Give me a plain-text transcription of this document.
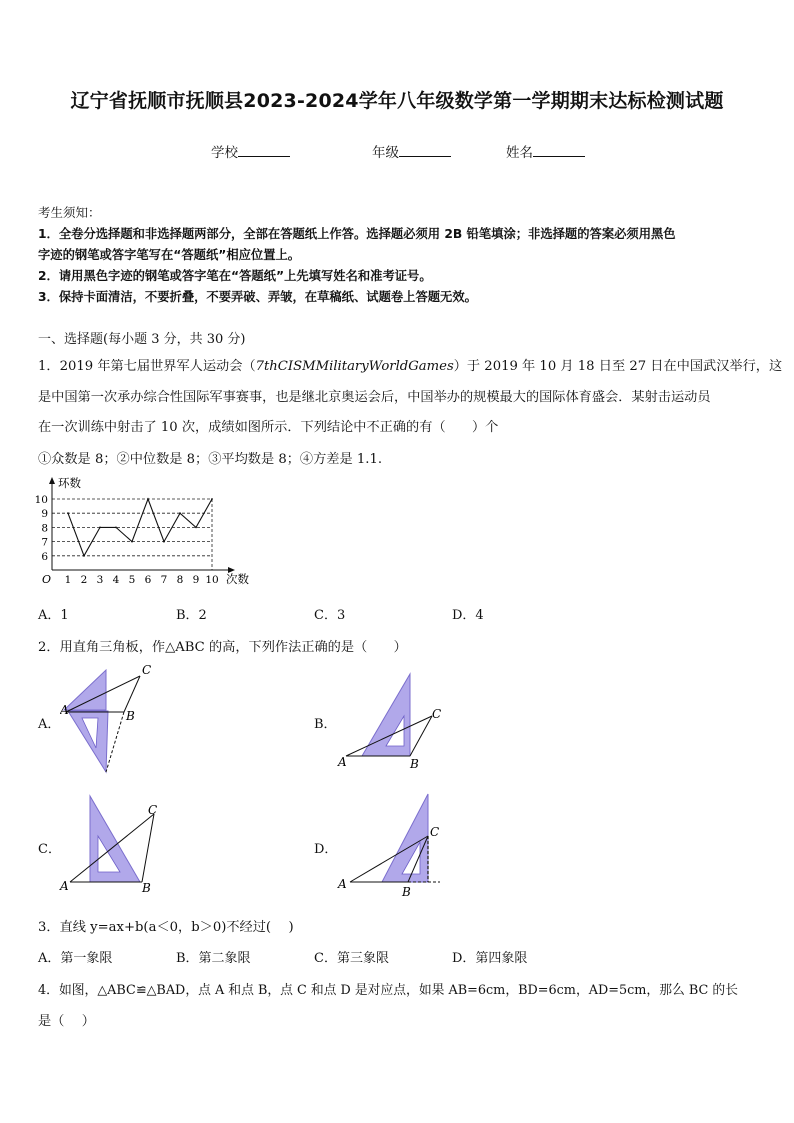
辽宁省抚顺市抚顺县2023-2024学年八年级数学第一学期期末达标检测试题
学校	年级	姓名
考生须知：
1．全卷分选择题和非选择题两部分，全部在答题纸上作答。选择题必须用 2B 铅笔填涂；非选择题的答案必须用黑色
字迹的钢笔或答字笔写在“答题纸”相应位置上。
2．请用黑色字迹的钢笔或答字笔在“答题纸”上先填写姓名和准考证号。
3．保持卡面清洁，不要折叠，不要弄破、弄皱，在草稿纸、试题卷上答题无效。
一、选择题(每小题 3 分，共 30 分)
1．2019 年第七届世界军人运动会（7thCISMMilitaryWorldGames）于 2019 年 10 月 18 日至 27 日在中国武汉举行，这
是中国第一次承办综合性国际军事赛事，也是继北京奥运会后，中国举办的规模最大的国际体育盛会．某射击运动员
在一次训练中射击了 10 次，成绩如图所示．下列结论中不正确的有（　　）个
①众数是 8；②中位数是 8；③平均数是 8；④方差是 1.1.
6
7
8
9
10
1 2 3 4 5 6 7 8 9 10
O
环数
次数
A．1	B．2	C．3	D．4
2．用直角三角板，作△ABC 的高，下列作法正确的是（　　）
A．	B．
C．	D．
A	B
C
A	B
C
A	B
C
A
B
C
3．直线 y=ax+b(a＜0，b＞0)不经过(　 )
A．第一象限	B．第二象限	C．第三象限	D．第四象限
4．如图，△ABC≌△BAD，点 A 和点 B，点 C 和点 D 是对应点，如果 AB=6cm，BD=6cm，AD=5cm，那么 BC 的长
是（　 ）
